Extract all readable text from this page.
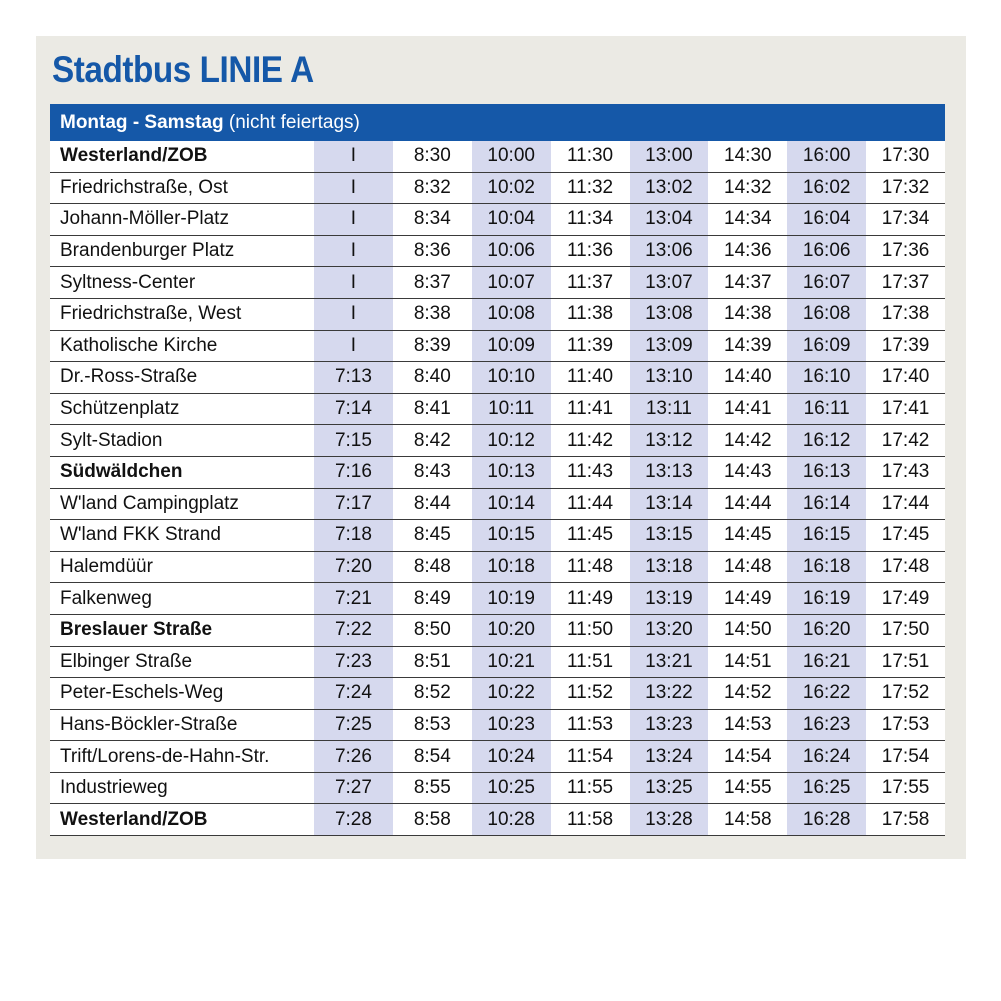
Stadtbus LINIE A
Montag - Samstag (nicht feiertags)
Westerland/ZOB	I	8:30	10:00	11:30	13:00	14:30	16:00	17:30
Friedrichstraße, Ost	I	8:32	10:02	11:32	13:02	14:32	16:02	17:32
Johann-Möller-Platz	I	8:34	10:04	11:34	13:04	14:34	16:04	17:34
Brandenburger Platz	I	8:36	10:06	11:36	13:06	14:36	16:06	17:36
Syltness-Center	I	8:37	10:07	11:37	13:07	14:37	16:07	17:37
Friedrichstraße, West	I	8:38	10:08	11:38	13:08	14:38	16:08	17:38
Katholische Kirche	I	8:39	10:09	11:39	13:09	14:39	16:09	17:39
Dr.-Ross-Straße	7:13	8:40	10:10	11:40	13:10	14:40	16:10	17:40
Schützenplatz	7:14	8:41	10:11	11:41	13:11	14:41	16:11	17:41
Sylt-Stadion	7:15	8:42	10:12	11:42	13:12	14:42	16:12	17:42
Südwäldchen	7:16	8:43	10:13	11:43	13:13	14:43	16:13	17:43
W'land Campingplatz	7:17	8:44	10:14	11:44	13:14	14:44	16:14	17:44
W'land FKK Strand	7:18	8:45	10:15	11:45	13:15	14:45	16:15	17:45
Halemdüür	7:20	8:48	10:18	11:48	13:18	14:48	16:18	17:48
Falkenweg	7:21	8:49	10:19	11:49	13:19	14:49	16:19	17:49
Breslauer Straße	7:22	8:50	10:20	11:50	13:20	14:50	16:20	17:50
Elbinger Straße	7:23	8:51	10:21	11:51	13:21	14:51	16:21	17:51
Peter-Eschels-Weg	7:24	8:52	10:22	11:52	13:22	14:52	16:22	17:52
Hans-Böckler-Straße	7:25	8:53	10:23	11:53	13:23	14:53	16:23	17:53
Trift/Lorens-de-Hahn-Str.	7:26	8:54	10:24	11:54	13:24	14:54	16:24	17:54
Industrieweg	7:27	8:55	10:25	11:55	13:25	14:55	16:25	17:55
Westerland/ZOB	7:28	8:58	10:28	11:58	13:28	14:58	16:28	17:58
